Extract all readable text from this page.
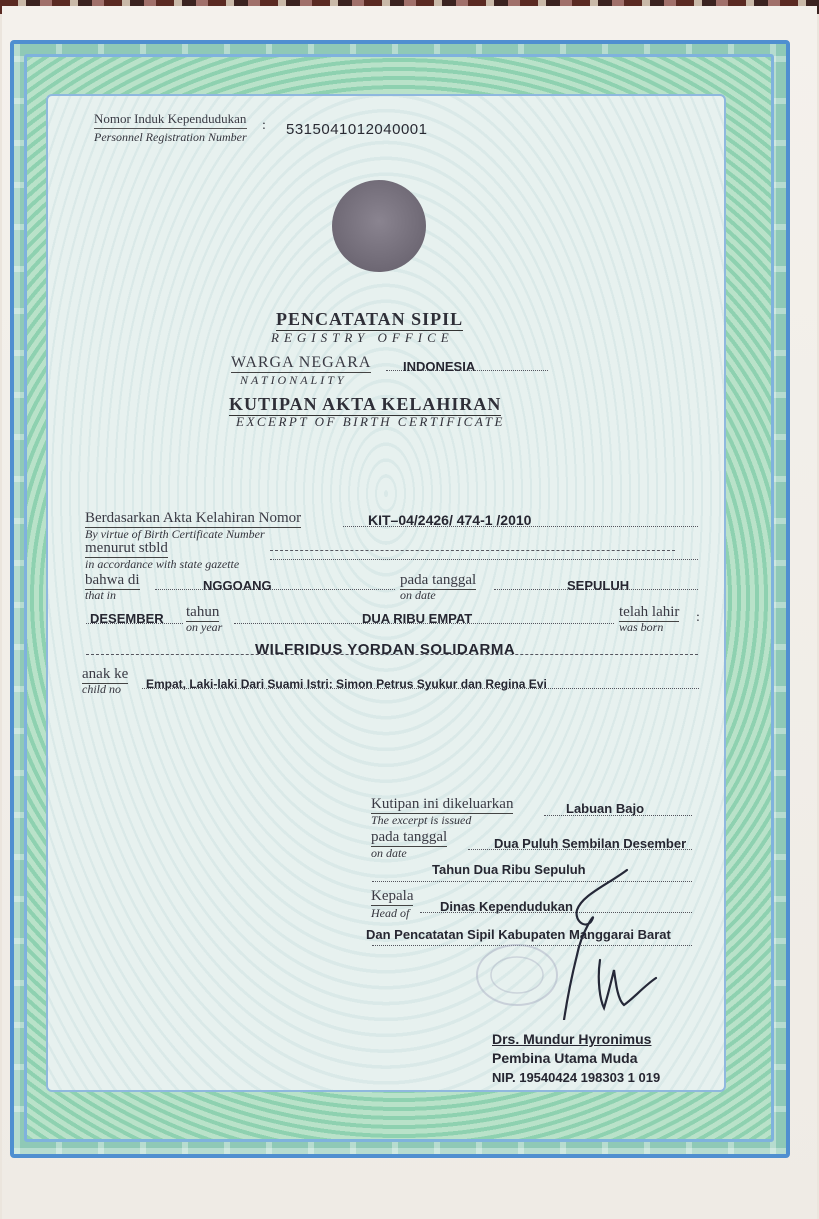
Nomor Induk Kependudukan
Personnel Registration Number
: 5315041012040001
PENCATATAN SIPIL
REGISTRY OFFICE
WARGA NEGARA
NATIONALITY
INDONESIA
KUTIPAN AKTA KELAHIRAN
EXCERPT OF BIRTH CERTIFICATE
Berdasarkan Akta Kelahiran Nomor
By virtue of Birth Certificate Number
KIT–04/2426/ 474-1 /2010
menurut stbld
in accordance with state gazette
bahwa di
that in
NGGOANG	pada tanggal
on date
SEPULUH
DESEMBER tahun
on year
DUA RIBU EMPAT	telah lahir
was born
:
WILFRIDUS YORDAN SOLIDARMA
anak ke
child no Empat, Laki-laki Dari Suami Istri: Simon Petrus Syukur dan Regina Evi
Kutipan ini dikeluarkan
The excerpt is issued
Labuan Bajo
pada tanggal
on date
Dua Puluh Sembilan Desember
Tahun Dua Ribu Sepuluh
Kepala
Head of Dinas Kependudukan
Dan Pencatatan Sipil Kabupaten Manggarai Barat
Drs. Mundur Hyronimus
Pembina Utama Muda
NIP. 19540424 198303 1 019
